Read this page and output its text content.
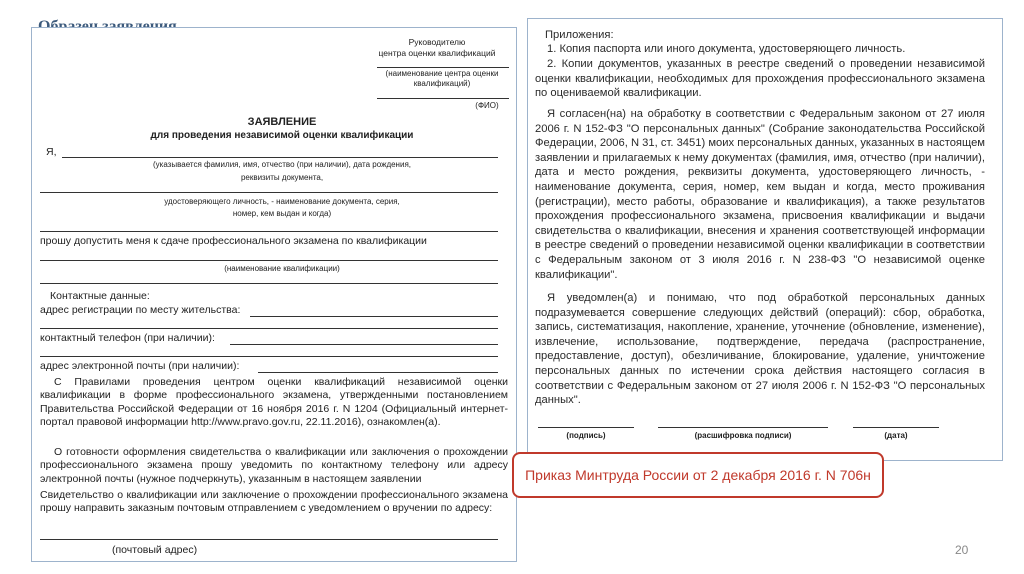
Руководителю
центра оценки квалификаций
(наименование центра оценки квалификаций)
(ФИО)
ЗАЯВЛЕНИЕ
для проведения независимой оценки квалификации
Я,
(указывается фамилия, имя, отчество (при наличии), дата рождения,
реквизиты документа,
удостоверяющего личность, - наименование документа, серия,
номер, кем выдан и когда)
прошу допустить меня к сдаче профессионального экзамена по квалификации
(наименование квалификации)
Контактные данные:
адрес регистрации по месту жительства:
контактный телефон (при наличии):
адрес электронной почты (при наличии):
С Правилами проведения центром оценки квалификаций независимой оценки квалификации в форме профессионального экзамена, утвержденными постановлением Правительства Российской Федерации от 16 ноября 2016 г. N 1204 (Официальный интернет-портал правовой информации http://www.pravo.gov.ru, 22.11.2016), ознакомлен(а).
О готовности оформления свидетельства о квалификации или заключения о прохождении профессионального экзамена прошу уведомить по контактному телефону или адресу электронной почты (нужное подчеркнуть), указанным в настоящем заявлении
Свидетельство о квалификации или заключение о прохождении профессионального экзамена прошу направить заказным почтовым отправлением с уведомлением о вручении по адресу:
(почтовый адрес)
Приложения:
1. Копия паспорта или иного документа, удостоверяющего личность.
2. Копии документов, указанных в реестре сведений о проведении независимой оценки квалификации, необходимых для прохождения профессионального экзамена по оцениваемой квалификации.
Я согласен(на) на обработку в соответствии с Федеральным законом от 27 июля 2006 г. N 152-ФЗ "О персональных данных" (Собрание законодательства Российской Федерации, 2006, N 31, ст. 3451) моих персональных данных, указанных в настоящем заявлении и прилагаемых к нему документах (фамилия, имя, отчество (при наличии), дата и место рождения, реквизиты документа, удостоверяющего личность, - наименование документа, серия, номер, кем выдан и когда, место проживания (регистрации), место работы, образование и квалификация), а также результатов прохождения профессионального экзамена, присвоения квалификации и выдачи свидетельства о квалификации, внесения и хранения соответствующей информации в реестре сведений о проведении независимой оценки квалификации в соответствии с Федеральным законом от 3 июля 2016 г. N 238-ФЗ "О независимой оценке квалификации".
Я уведомлен(а) и понимаю, что под обработкой персональных данных подразумевается совершение следующих действий (операций): сбор, обработка, запись, систематизация, накопление, хранение, уточнение (обновление, изменение), извлечение, использование, подтверждение, передача (распространение, предоставление, доступ), обезличивание, блокирование, удаление, уничтожение персональных данных по истечении срока действия настоящего согласия в соответствии с Федеральным законом от 27 июля 2006 г. N 152-ФЗ "О персональных данных".
(подпись)	(расшифровка подписи)	(дата)
Приказ Минтруда России от 2 декабря 2016 г. N 706н
20
